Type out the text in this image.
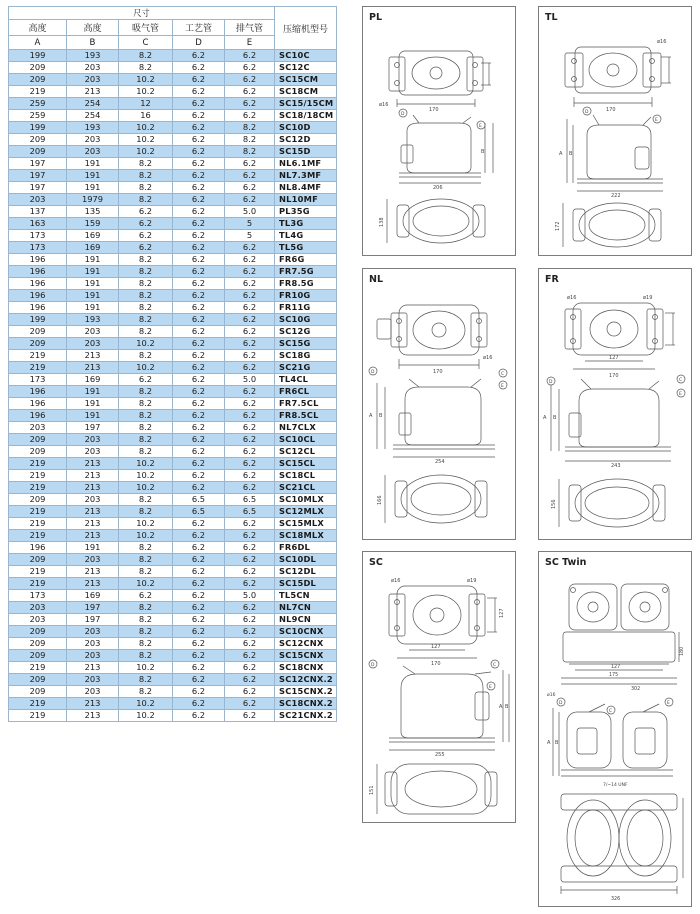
尺寸					压缩机型号
高度	高度	吸气管	工艺管	排气管	
A	B	C	D	E	
199	193	8.2	6.2	6.2	SC10C
209	203	8.2	6.2	6.2	SC12C
209	203	10.2	6.2	6.2	SC15CM
219	213	10.2	6.2	6.2	SC18CM
259	254	12	6.2	6.2	SC15/15CM
259	254	16	6.2	6.2	SC18/18CM
199	193	10.2	6.2	8.2	SC10D
209	203	10.2	6.2	8.2	SC12D
209	203	10.2	6.2	8.2	SC15D
197	191	8.2	6.2	6.2	NL6.1MF
197	191	8.2	6.2	6.2	NL7.3MF
197	191	8.2	6.2	6.2	NL8.4MF
203	1979	8.2	6.2	6.2	NL10MF
137	135	6.2	6.2	5.0	PL35G
163	159	6.2	6.2	5	TL3G
173	169	6.2	6.2	5	TL4G
173	169	6.2	6.2	6.2	TL5G
196	191	8.2	6.2	6.2	FR6G
196	191	8.2	6.2	6.2	FR7.5G
196	191	8.2	6.2	6.2	FR8.5G
196	191	8.2	6.2	6.2	FR10G
196	191	8.2	6.2	6.2	FR11G
199	193	8.2	6.2	6.2	SC10G
209	203	8.2	6.2	6.2	SC12G
209	203	10.2	6.2	6.2	SC15G
219	213	8.2	6.2	6.2	SC18G
219	213	10.2	6.2	6.2	SC21G
173	169	6.2	6.2	5.0	TL4CL
196	191	8.2	6.2	6.2	FR6CL
196	191	8.2	6.2	6.2	FR7.5CL
196	191	8.2	6.2	6.2	FR8.5CL
203	197	8.2	6.2	6.2	NL7CLX
209	203	8.2	6.2	6.2	SC10CL
209	203	8.2	6.2	6.2	SC12CL
219	213	10.2	6.2	6.2	SC15CL
219	213	10.2	6.2	6.2	SC18CL
219	213	10.2	6.2	6.2	SC21CL
209	203	8.2	6.5	6.5	SC10MLX
219	213	8.2	6.5	6.5	SC12MLX
219	213	10.2	6.2	6.2	SC15MLX
219	213	10.2	6.2	6.2	SC18MLX
196	191	8.2	6.2	6.2	FR6DL
209	203	8.2	6.2	6.2	SC10DL
219	213	8.2	6.2	6.2	SC12DL
219	213	10.2	6.2	6.2	SC15DL
173	169	6.2	6.2	5.0	TL5CN
203	197	8.2	6.2	6.2	NL7CN
203	197	8.2	6.2	6.2	NL9CN
209	203	8.2	6.2	6.2	SC10CNX
209	203	8.2	6.2	6.2	SC12CNX
209	203	8.2	6.2	6.2	SC15CNX
219	213	10.2	6.2	6.2	SC18CNX
209	203	8.2	6.2	6.2	SC12CNX.2
209	203	8.2	6.2	6.2	SC15CNX.2
219	213	10.2	6.2	6.2	SC18CNX.2
219	213	10.2	6.2	6.2	SC21CNX.2
PL
170
ø16
D
E
B
206
138
TL
ø16
170
D
E
A B
222
172
NL
ø16
170
D	C
E
A B
254
166
FR
ø16	ø19
127
170
D	C
E
A B
243
156
SC
ø16	ø19
127
170
127
D	C
E
A B
255
151
SC Twin
127
175
302
180
D
C
E
A B
ø16
7/~14 UNF
326
